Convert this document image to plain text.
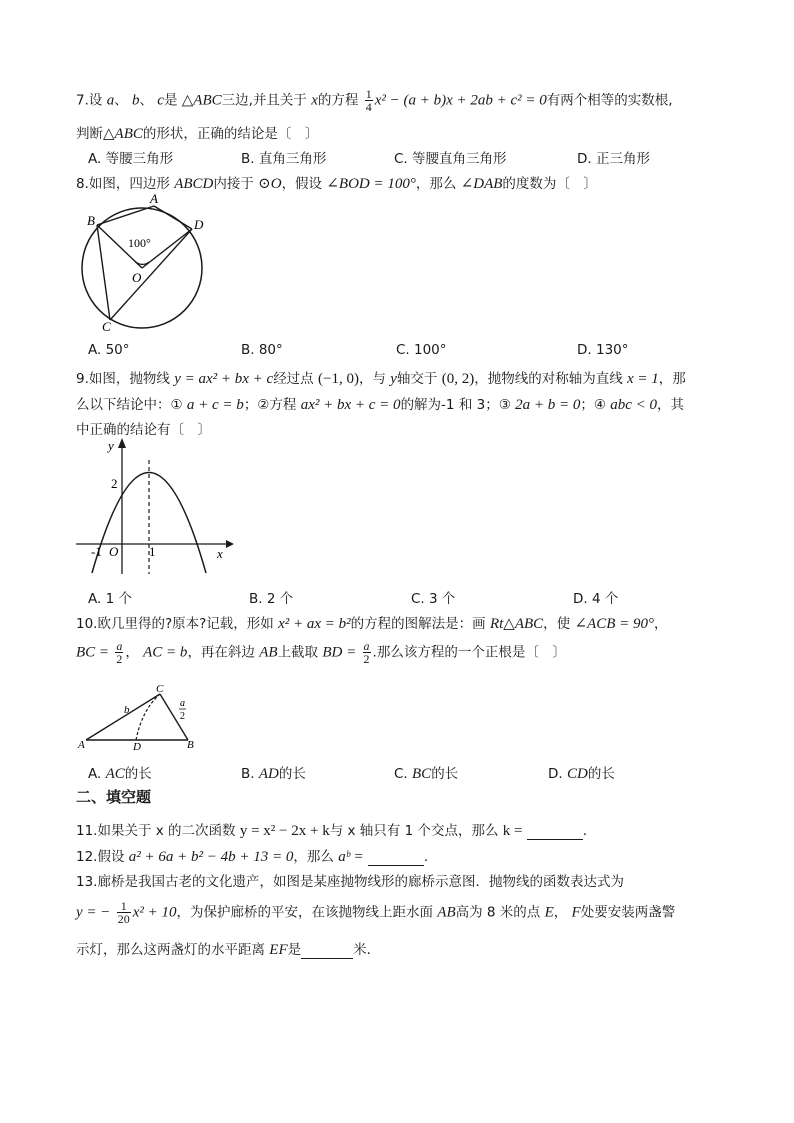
7.设 a、 b、 c是 △ABC三边,并且关于 x的方程 $\frac{1}{4} x^2 - (a + b)x + 2ab + c^2 = 0$有两个相等的实数根,
判断△ABC的形状，正确的结论是〔　〕
A. 等腰三角形	B. 直角三角形	C. 等腰直角三角形	D. 正三角形
8.如图，四边形 ABCD内接于 ⊙O，假设 ∠BOD = 100°，那么 ∠DAB的度数为〔　〕
A
B	D
C
O
100°
A. 50°	B. 80°	C. 100°	D. 130°
9.如图，抛物线 y = ax² + bx + c经过点 (−1, 0)，与 y轴交于 (0, 2)，抛物线的对称轴为直线 x = 1，那
么以下结论中：① a + c = b；②方程 ax² + bx + c = 0的解为-1 和 3；③ 2a + b = 0；④ abc < 0，其
中正确的结论有〔　〕
y
x
2
-1 O 1
A. 1 个	B. 2 个	C. 3 个	D. 4 个
10.欧几里得的?原本?记载，形如 x² + ax = b²的方程的图解法是：画 Rt△ABC，使 ∠ACB = 90°，
BC = $\frac{a}{2}$ ， AC = b，再在斜边 AB上截取 BD = $\frac{a}{2}$ .那么该方程的一个正根是〔　〕
A	D	B
C
b
a
2
A. AC的长	B. AD的长	C. BC的长	D. CD的长
二、填空题
11.如果关于 x 的二次函数 y = x² − 2x + k与 x 轴只有 1 个交点，那么 k =	.
12.假设 a² + 6a + b² − 4b + 13 = 0，那么 aᵇ =	.
13.廊桥是我国古老的文化遗产，如图是某座抛物线形的廊桥示意图．抛物线的函数表达式为
y = − $\frac{1}{20} x^2 + 10$，为保护廊桥的平安，在该抛物线上距水面 AB高为 8 米的点 E， F处要安装两盏警
示灯，那么这两盏灯的水平距离 EF是	米．
